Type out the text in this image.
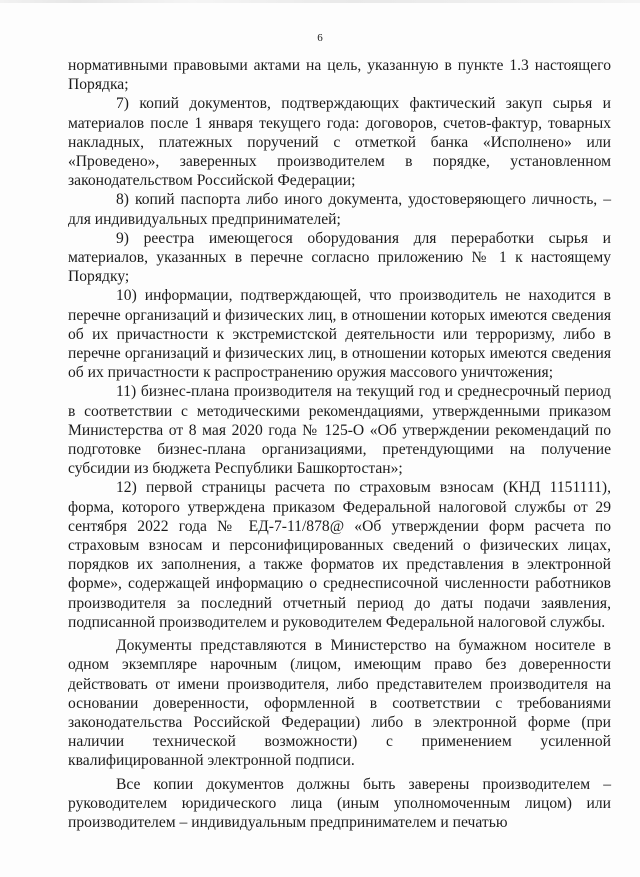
6

нормативными правовыми актами на цель, указанную в пункте 1.3 настоящего Порядка;

7) копий документов, подтверждающих фактический закуп сырья и материалов после 1 января текущего года: договоров, счетов-фактур, товарных накладных, платежных поручений с отметкой банка «Исполнено» или «Проведено», заверенных производителем в порядке, установленном законодательством Российской Федерации;

8) копий паспорта либо иного документа, удостоверяющего личность, – для индивидуальных предпринимателей;

9) реестра имеющегося оборудования для переработки сырья и материалов, указанных в перечне согласно приложению № 1 к настоящему Порядку;

10) информации, подтверждающей, что производитель не находится в перечне организаций и физических лиц, в отношении которых имеются сведения об их причастности к экстремистской деятельности или терроризму, либо в перечне организаций и физических лиц, в отношении которых имеются сведения об их причастности к распространению оружия массового уничтожения;

11) бизнес-плана производителя на текущий год и среднесрочный период в соответствии с методическими рекомендациями, утвержденными приказом Министерства от 8 мая 2020 года № 125-О «Об утверждении рекомендаций по подготовке бизнес-плана организациями, претендующими на получение субсидии из бюджета Республики Башкортостан»;

12) первой страницы расчета по страховым взносам (КНД 1151111), форма, которого утверждена приказом Федеральной налоговой службы от 29 сентября 2022 года № ЕД-7-11/878@ «Об утверждении форм расчета по страховым взносам и персонифицированных сведений о физических лицах, порядков их заполнения, а также форматов их представления в электронной форме», содержащей информацию о среднесписочной численности работников производителя за последний отчетный период до даты подачи заявления, подписанной производителем и руководителем Федеральной налоговой службы.

Документы представляются в Министерство на бумажном носителе в одном экземпляре нарочным (лицом, имеющим право без доверенности действовать от имени производителя, либо представителем производителя на основании доверенности, оформленной в соответствии с требованиями законодательства Российской Федерации) либо в электронной форме (при наличии технической возможности) с применением усиленной квалифицированной электронной подписи.

Все копии документов должны быть заверены производителем – руководителем юридического лица (иным уполномоченным лицом) или производителем – индивидуальным предпринимателем и печатью
